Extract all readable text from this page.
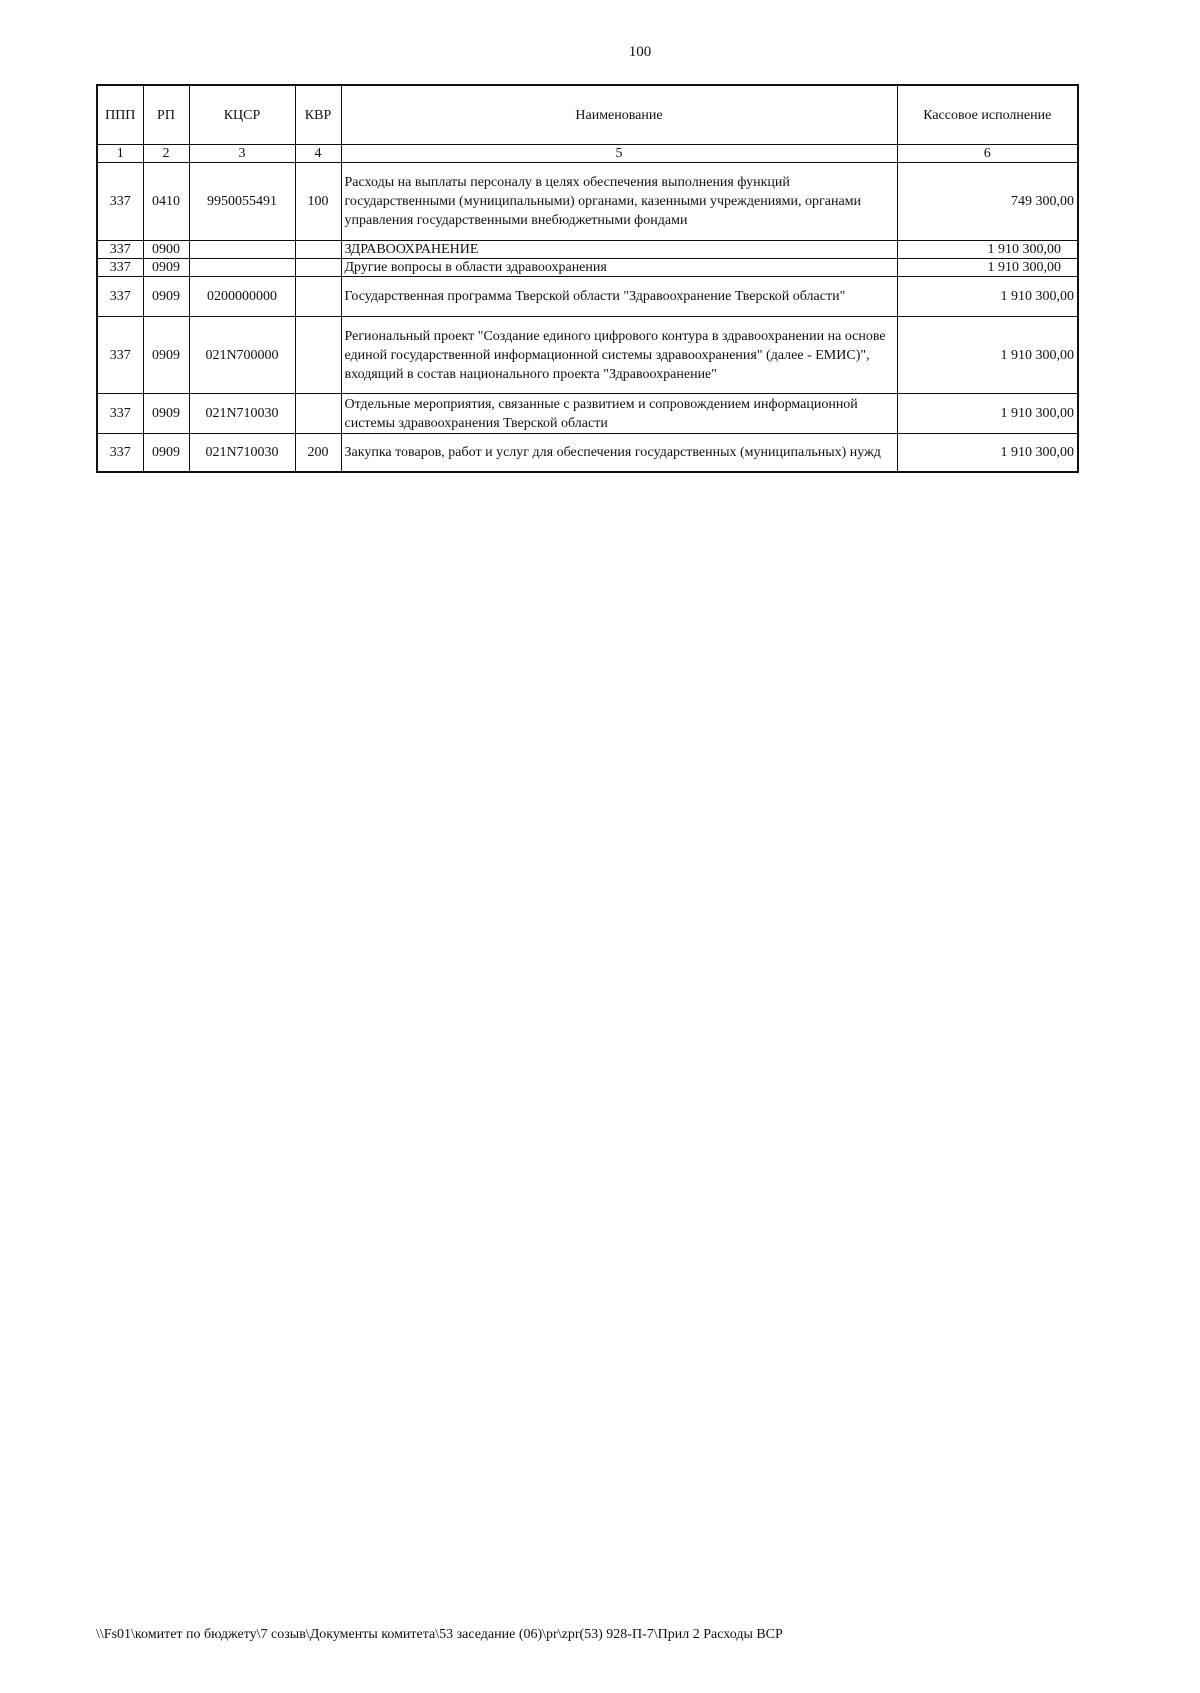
100
ППП	РП	КЦСР	КВР	Наименование	Кассовое исполнение
1	2	3	4	5	6
337	0410	9950055491	100	Расходы на выплаты персоналу в целях обеспечения выполнения функций государственными (муниципальными) органами, казенными учреждениями, органами управления государственными внебюджетными фондами	749 300,00
337	0900			ЗДРАВООХРАНЕНИЕ	1 910 300,00
337	0909			Другие вопросы в области здравоохранения	1 910 300,00
337	0909	0200000000		Государственная программа Тверской области "Здравоохранение Тверской области"	1 910 300,00
337	0909	021N700000		Региональный проект "Создание единого цифрового контура в здравоохранении на основе единой государственной информационной системы здравоохранения" (далее - ЕМИС)", входящий в состав национального проекта "Здравоохранение"	1 910 300,00
337	0909	021N710030		Отдельные мероприятия, связанные с развитием и сопровождением информационной системы здравоохранения Тверской области	1 910 300,00
337	0909	021N710030	200	Закупка товаров, работ и услуг для обеспечения государственных (муниципальных) нужд	1 910 300,00
\\Fs01\комитет по бюджету\7 созыв\Документы комитета\53 заседание (06)\pr\zpr(53) 928-П-7\Прил 2 Расходы ВСР
